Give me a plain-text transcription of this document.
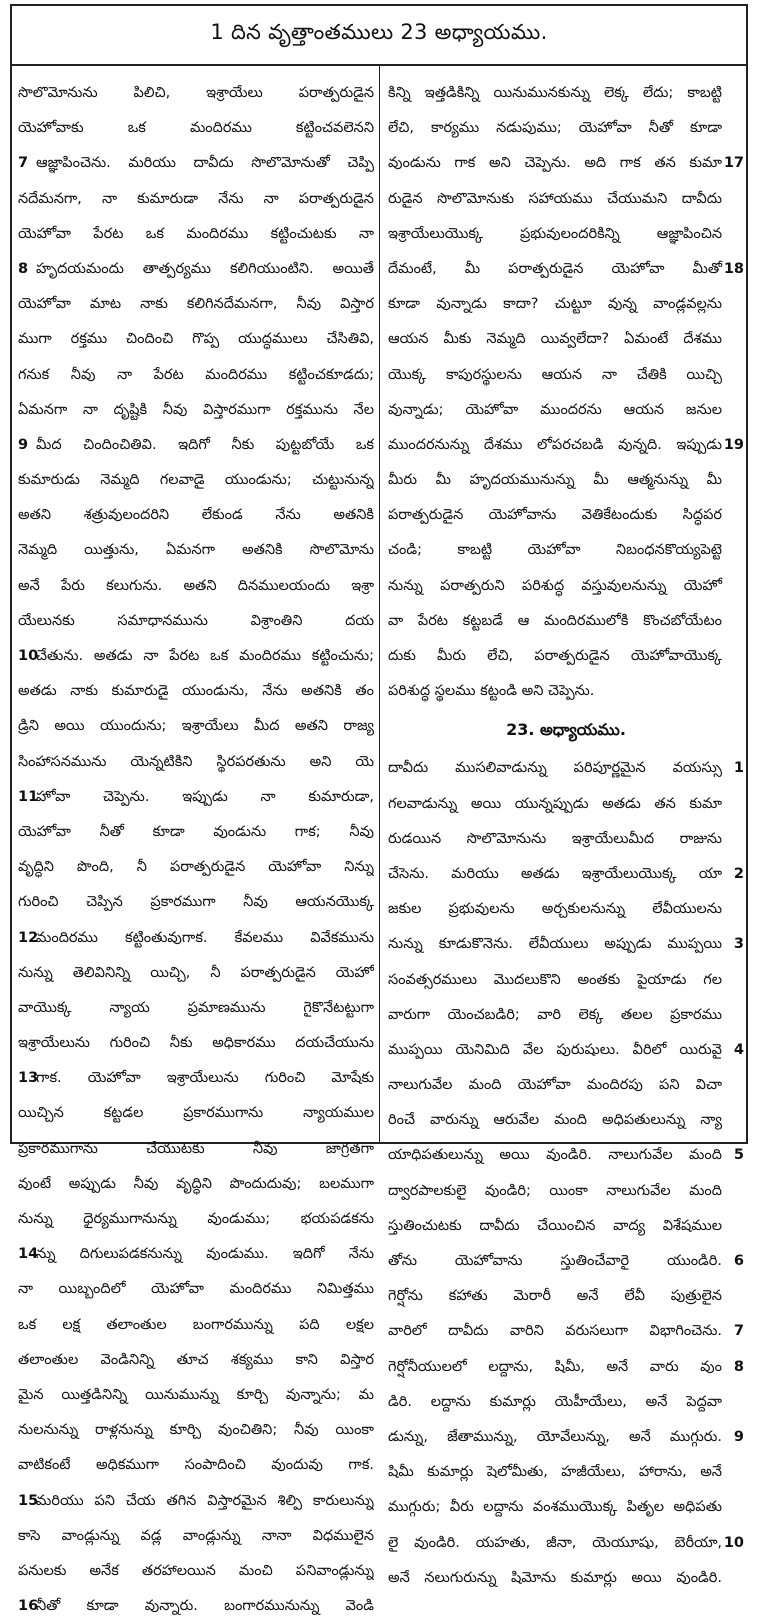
1 దిన వృత్తాంతములు 23 అధ్యాయము.
సొలొమోనును పిలిచి, ఇశ్రాయేలు పరాత్పరుడైన
యెహోవాకు ఒక మందిరము కట్టించవలెనని
7 ఆజ్ఞాపించెను. మరియు దావీదు సొలొమోనుతో చెప్పి
నదేమనగా, నా కుమారుడా నేను నా పరాత్పరుడైన
యెహోవా పేరట ఒక మందిరము కట్టించుటకు నా
8 హృదయమందు తాత్పర్యము కలిగియుంటిని. అయితే
యెహోవా మాట నాకు కలిగినదేమనగా, నీవు విస్తార
ముగా రక్తము చిందించి గొప్ప యుద్ధములు చేసితివి,
గనుక నీవు నా పేరట మందిరము కట్టించకూడదు;
ఏమనగా నా దృష్టికి నీవు విస్తారముగా రక్తమును నేల
9 మీద చిందించితివి. ఇదిగో నీకు పుట్టబోయే ఒక
కుమారుడు నెమ్మది గలవాడై యుండును; చుట్టునున్న
అతని శత్రువులందరిని లేకుండ నేను అతనికి
నెమ్మది యిత్తును, ఏమనగా అతనికి సొలొమోను
అనే పేరు కలుగును. అతని దినములయందు ఇశ్రా
యేలునకు సమాధానమును విశ్రాంతిని దయ
10
చేతును. అతడు నా పేరట ఒక మందిరము కట్టించును;
అతడు నాకు కుమారుడై యుండును, నేను అతనికి తం
డ్రిని అయి యుందును; ఇశ్రాయేలు మీద అతని రాజ్య
సింహాసనమును యెన్నటికిని స్థిరపరతును అని యె
11
హోవా చెప్పెను. ఇప్పుడు నా కుమారుడా,
యెహోవా నీతో కూడా వుండును గాక; నీవు
వృద్ధిని పొంది, నీ పరాత్పరుడైన యెహోవా నిన్ను
గురించి చెప్పిన ప్రకారముగా నీవు ఆయనయొక్క
12
మందిరము కట్టింతువుగాక. కేవలము వివేకమును
నున్ను తెలివినిన్ని యిచ్చి, నీ పరాత్పరుడైన యెహో
వాయొక్క న్యాయ ప్రమాణమును గైకొనేటట్టుగా
ఇశ్రాయేలును గురించి నీకు అధికారము దయచేయును
13
గాక. యెహోవా ఇశ్రాయేలును గురించి మోషేకు
యిచ్చిన కట్టడల ప్రకారముగాను న్యాయముల
ప్రకారముగాను చేయుటకు నీవు జాగ్రతగా
వుంటే అప్పుడు నీవు వృద్ధిని పొందుదువు; బలముగా
నున్ను ధైర్యముగానున్ను వుండుము; భయపడకను
14
న్ను దిగులుపడకనున్ను వుండుము. ఇదిగో నేను
నా యిబ్బందిలో యెహోవా మందిరము నిమిత్తము
ఒక లక్ష తలాంతుల బంగారమున్ను పది లక్షల
తలాంతుల వెండినిన్ని తూచ శక్యము కాని విస్తార
మైన యిత్తడినిన్ని యినుమున్ను కూర్చి వున్నాను; మ
నులనున్ను రాళ్లనున్ను కూర్చి వుంచితిని; నీవు యింకా
వాటికంటే అధికముగా సంపాదించి వుందువు గాక.
15
మరియు పని చేయ తగిన విస్తారమైన శిల్పి కారులున్ను
కాసె వాండ్లున్ను వడ్ల వాండ్లున్ను నానా విధములైన
పనులకు అనేక తరహాలయిన మంచి పనివాండ్లున్ను
16
నీతో కూడా వున్నారు. బంగారమునున్ను వెండి
కిన్ని ఇత్తడికిన్ని యినుమునకున్ను లెక్క లేదు; కాబట్టి
లేచి, కార్యము నడుపుము; యెహోవా నీతో కూడా
వుండును గాక అని చెప్పెను. అది గాక తన కుమా 17
రుడైన సొలొమోనుకు సహాయము చేయుమని దావీదు
ఇశ్రాయేలుయొక్క ప్రభువులందరికిన్ని ఆజ్ఞాపించిన
దేమంటే, మీ పరాత్పరుడైన యెహోవా మీతో 18
కూడా వున్నాడు కాదా? చుట్టూ వున్న వాండ్లవల్లను
ఆయన మీకు నెమ్మది యివ్వలేదా? ఏమంటే దేశము
యొక్క కాపురస్థులను ఆయన నా చేతికి యిచ్చి
వున్నాడు; యెహోవా ముందరను ఆయన జనుల
ముందరనున్ను దేశము లోపరచబడి వున్నది. ఇప్పుడు 19
మీరు మీ హృదయమునున్ను మీ ఆత్మనున్ను మీ
పరాత్పరుడైన యెహోవాను వెతికేటందుకు సిద్ధపర
చండి; కాబట్టి యెహోవా నిబంధనకొయ్యపెట్టె
నున్ను పరాత్పరుని పరిశుద్ధ వస్తువులనున్ను యెహో
వా పేరట కట్టబడే ఆ మందిరములోకి కొంచబోయేటం
దుకు మీరు లేచి, పరాత్పరుడైన యెహోవాయొక్క
పరిశుద్ధ స్థలము కట్టండి అని చెప్పెను.
23. అధ్యాయము.
దావీదు ముసలివాడున్ను పరిపూర్ణమైన వయస్సు 1
గలవాడున్ను అయి యున్నప్పుడు అతడు తన కుమా
రుడయిన సొలొమోనును ఇశ్రాయేలుమీద రాజును
చేసెను. మరియు అతడు ఇశ్రాయేలుయొక్క యా 2
జకుల ప్రభువులను అర్చకులనున్ను లేవీయులను
నున్ను కూడుకొనెను. లేవీయులు అప్పుడు ముప్పయి 3
సంవత్సరములు మొదలుకొని అంతకు పైయాడు గల
వారుగా యెంచబడిరి; వారి లెక్క తలల ప్రకారము
ముప్పయి యెనిమిది వేల పురుషులు. వీరిలో యిరువై 4
నాలుగువేల మంది యెహోవా మందిరపు పని విచా
రించే వారున్ను ఆరువేల మంది అధిపతులున్ను న్యా
యాధిపతులున్ను అయి వుండిరి. నాలుగువేల మంది 5
ద్వారపాలకులై వుండిరి; యింకా నాలుగువేల మంది
స్తుతించుటకు దావీదు చేయించిన వాద్య విశేషముల
తోను యెహోవాను స్తుతించేవారై యుండిరి. 6
గెర్షోను కహాతు మెరారీ అనే లేవీ పుత్రులైన
వారిలో దావీదు వారిని వరుసలుగా విభాగించెను. 7
గెర్షోనీయులలో లద్దాను, షిమీ, అనే వారు వుం 8
డిరి. లద్దాను కుమార్లు యెహీయేలు, అనే పెద్దవా
డున్ను, జేతామున్ను, యోవేలున్ను, అనే ముగ్గురు. 9
షిమీ కుమార్లు షెలోమీతు, హజీయేలు, హారాను, అనే
ముగ్గురు; వీరు లద్దాను వంశముయొక్క పితృల అధిపతు
లై వుండిరి. యహతు, జీనా, యెయూషు, బెరీయా, 10
అనే నలుగురున్ను షిమోను కుమార్లు అయి వుండిరి.
